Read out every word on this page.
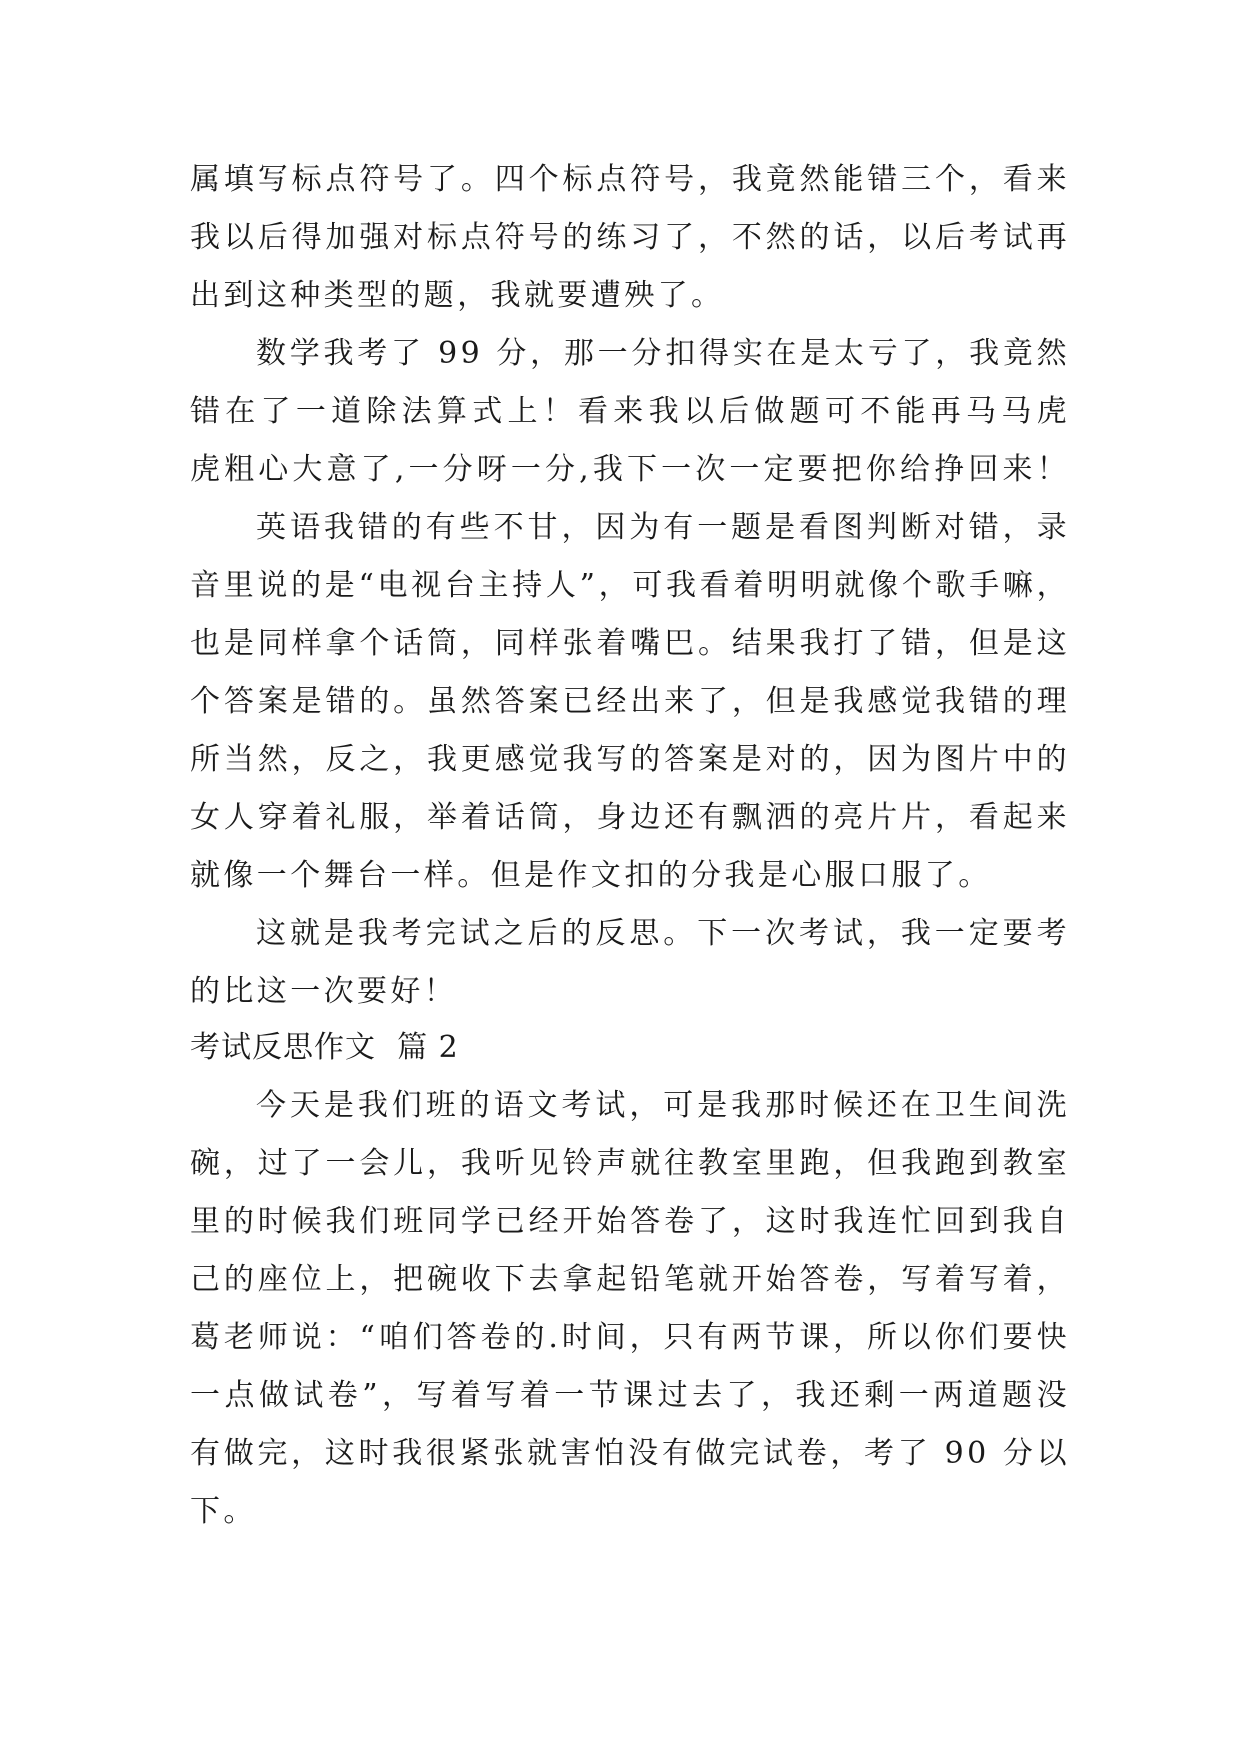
属填写标点符号了。四个标点符号，我竟然能错三个，看来
我以后得加强对标点符号的练习了，不然的话，以后考试再
出到这种类型的题，我就要遭殃了。
数学我考了 99 分，那一分扣得实在是太亏了，我竟然
错在了一道除法算式上！看来我以后做题可不能再马马虎
虎粗心大意了,一分呀一分,我下一次一定要把你给挣回来！
英语我错的有些不甘，因为有一题是看图判断对错，录
音里说的是“电视台主持人”，可我看着明明就像个歌手嘛，
也是同样拿个话筒，同样张着嘴巴。结果我打了错，但是这
个答案是错的。虽然答案已经出来了，但是我感觉我错的理
所当然，反之，我更感觉我写的答案是对的，因为图片中的
女人穿着礼服，举着话筒，身边还有飘洒的亮片片，看起来
就像一个舞台一样。但是作文扣的分我是心服口服了。
这就是我考完试之后的反思。下一次考试，我一定要考
的比这一次要好！
考试反思作文  篇 2
今天是我们班的语文考试，可是我那时候还在卫生间洗
碗，过了一会儿，我听见铃声就往教室里跑，但我跑到教室
里的时候我们班同学已经开始答卷了，这时我连忙回到我自
己的座位上，把碗收下去拿起铅笔就开始答卷，写着写着，
葛老师说：“咱们答卷的.时间，只有两节课，所以你们要快
一点做试卷”，写着写着一节课过去了，我还剩一两道题没
有做完，这时我很紧张就害怕没有做完试卷，考了 90 分以
下。
